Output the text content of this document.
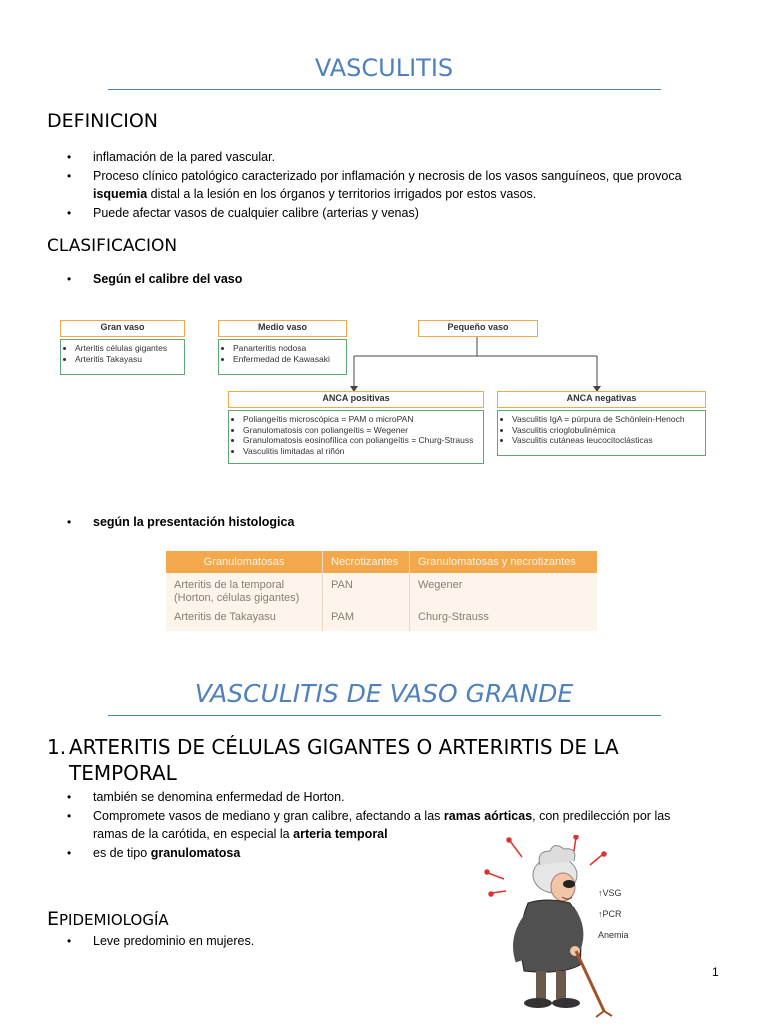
VASCULITIS
DEFINICION
• inflamación de la pared vascular.
• Proceso clínico patológico caracterizado por inflamación y necrosis de los vasos sanguíneos, que provoca isquemia distal a la lesión en los órganos y territorios irrigados por estos vasos.
• Puede afectar vasos de cualquier calibre (arterias y venas)
CLASIFICACION
• Según el calibre del vaso
Gran vaso
• Arteritis células gigantes
• Arteritis Takayasu
Medio vaso
• Panarteritis nodosa
• Enfermedad de Kawasaki
Pequeño vaso
ANCA positivas
• Poliangeítis microscópica = PAM o microPAN
• Granulomatosis con poliangeítis = Wegener
• Granulomatosis eosinofílica con poliangeítis = Churg-Strauss
• Vasculitis limitadas al riñón
ANCA negativas
• Vasculitis IgA = púrpura de Schönlein-Henoch
• Vasculitis crioglobulinémica
• Vasculitis cutáneas leucocitoclásticas
• según la presentación histologica
Granulomatosas	Necrotizantes	Granulomatosas y necrotizantes
Arteritis de la temporal
(Horton, células gigantes)	PAN	Wegener
Arteritis de Takayasu	PAM	Churg-Strauss
VASCULITIS DE VASO GRANDE
1. ARTERITIS DE CÉLULAS GIGANTES O ARTERIRTIS DE LA
TEMPORAL
• también se denomina enfermedad de Horton.
• Compromete vasos de mediano y gran calibre, afectando a las ramas aórticas, con predilección por las ramas de la carótida, en especial la arteria temporal
• es de tipo granulomatosa
EPIDEMIOLOGÍA
• Leve predominio en mujeres.
↑VSG
↑PCR
Anemia
1
